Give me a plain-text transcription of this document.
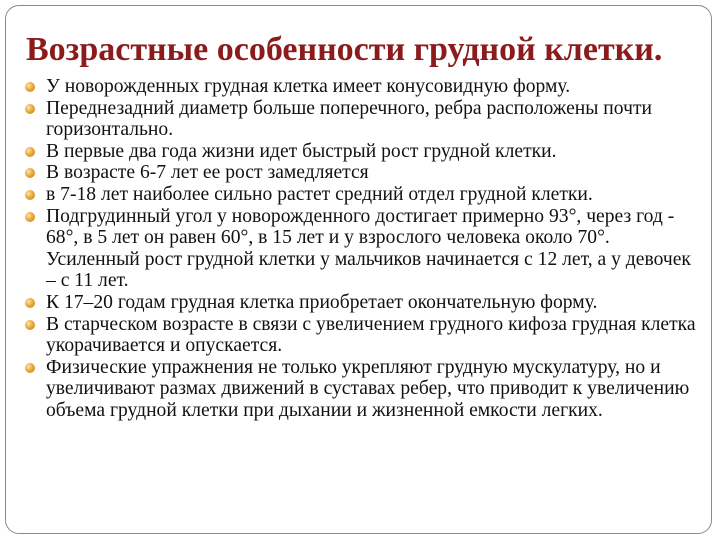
Возрастные особенности грудной клетки.
У новорожденных грудная клетка имеет конусовидную форму.
Переднезадний диаметр больше поперечного, ребра расположены почти горизонтально.
В первые два года жизни идет быстрый рост грудной клетки.
В возрасте 6-7 лет ее рост замедляется
в 7-18 лет наиболее сильно растет средний отдел грудной клетки.
Подгрудинный угол у новорожденного достигает примерно 93°, через год - 68°, в 5 лет он равен 60°, в 15 лет и у взрослого человека около 70°. Усиленный рост грудной клетки у мальчиков начинается с 12 лет, а у девочек – с 11 лет.
К 17–20 годам грудная клетка приобретает окончательную форму.
В старческом возрасте в связи с увеличением грудного кифоза грудная клетка укорачивается и опускается.
Физические упражнения не только укрепляют грудную мускулатуру, но и увеличивают размах движений в суставах ребер, что приводит к увеличению объема грудной клетки при дыхании и жизненной емкости легких.
